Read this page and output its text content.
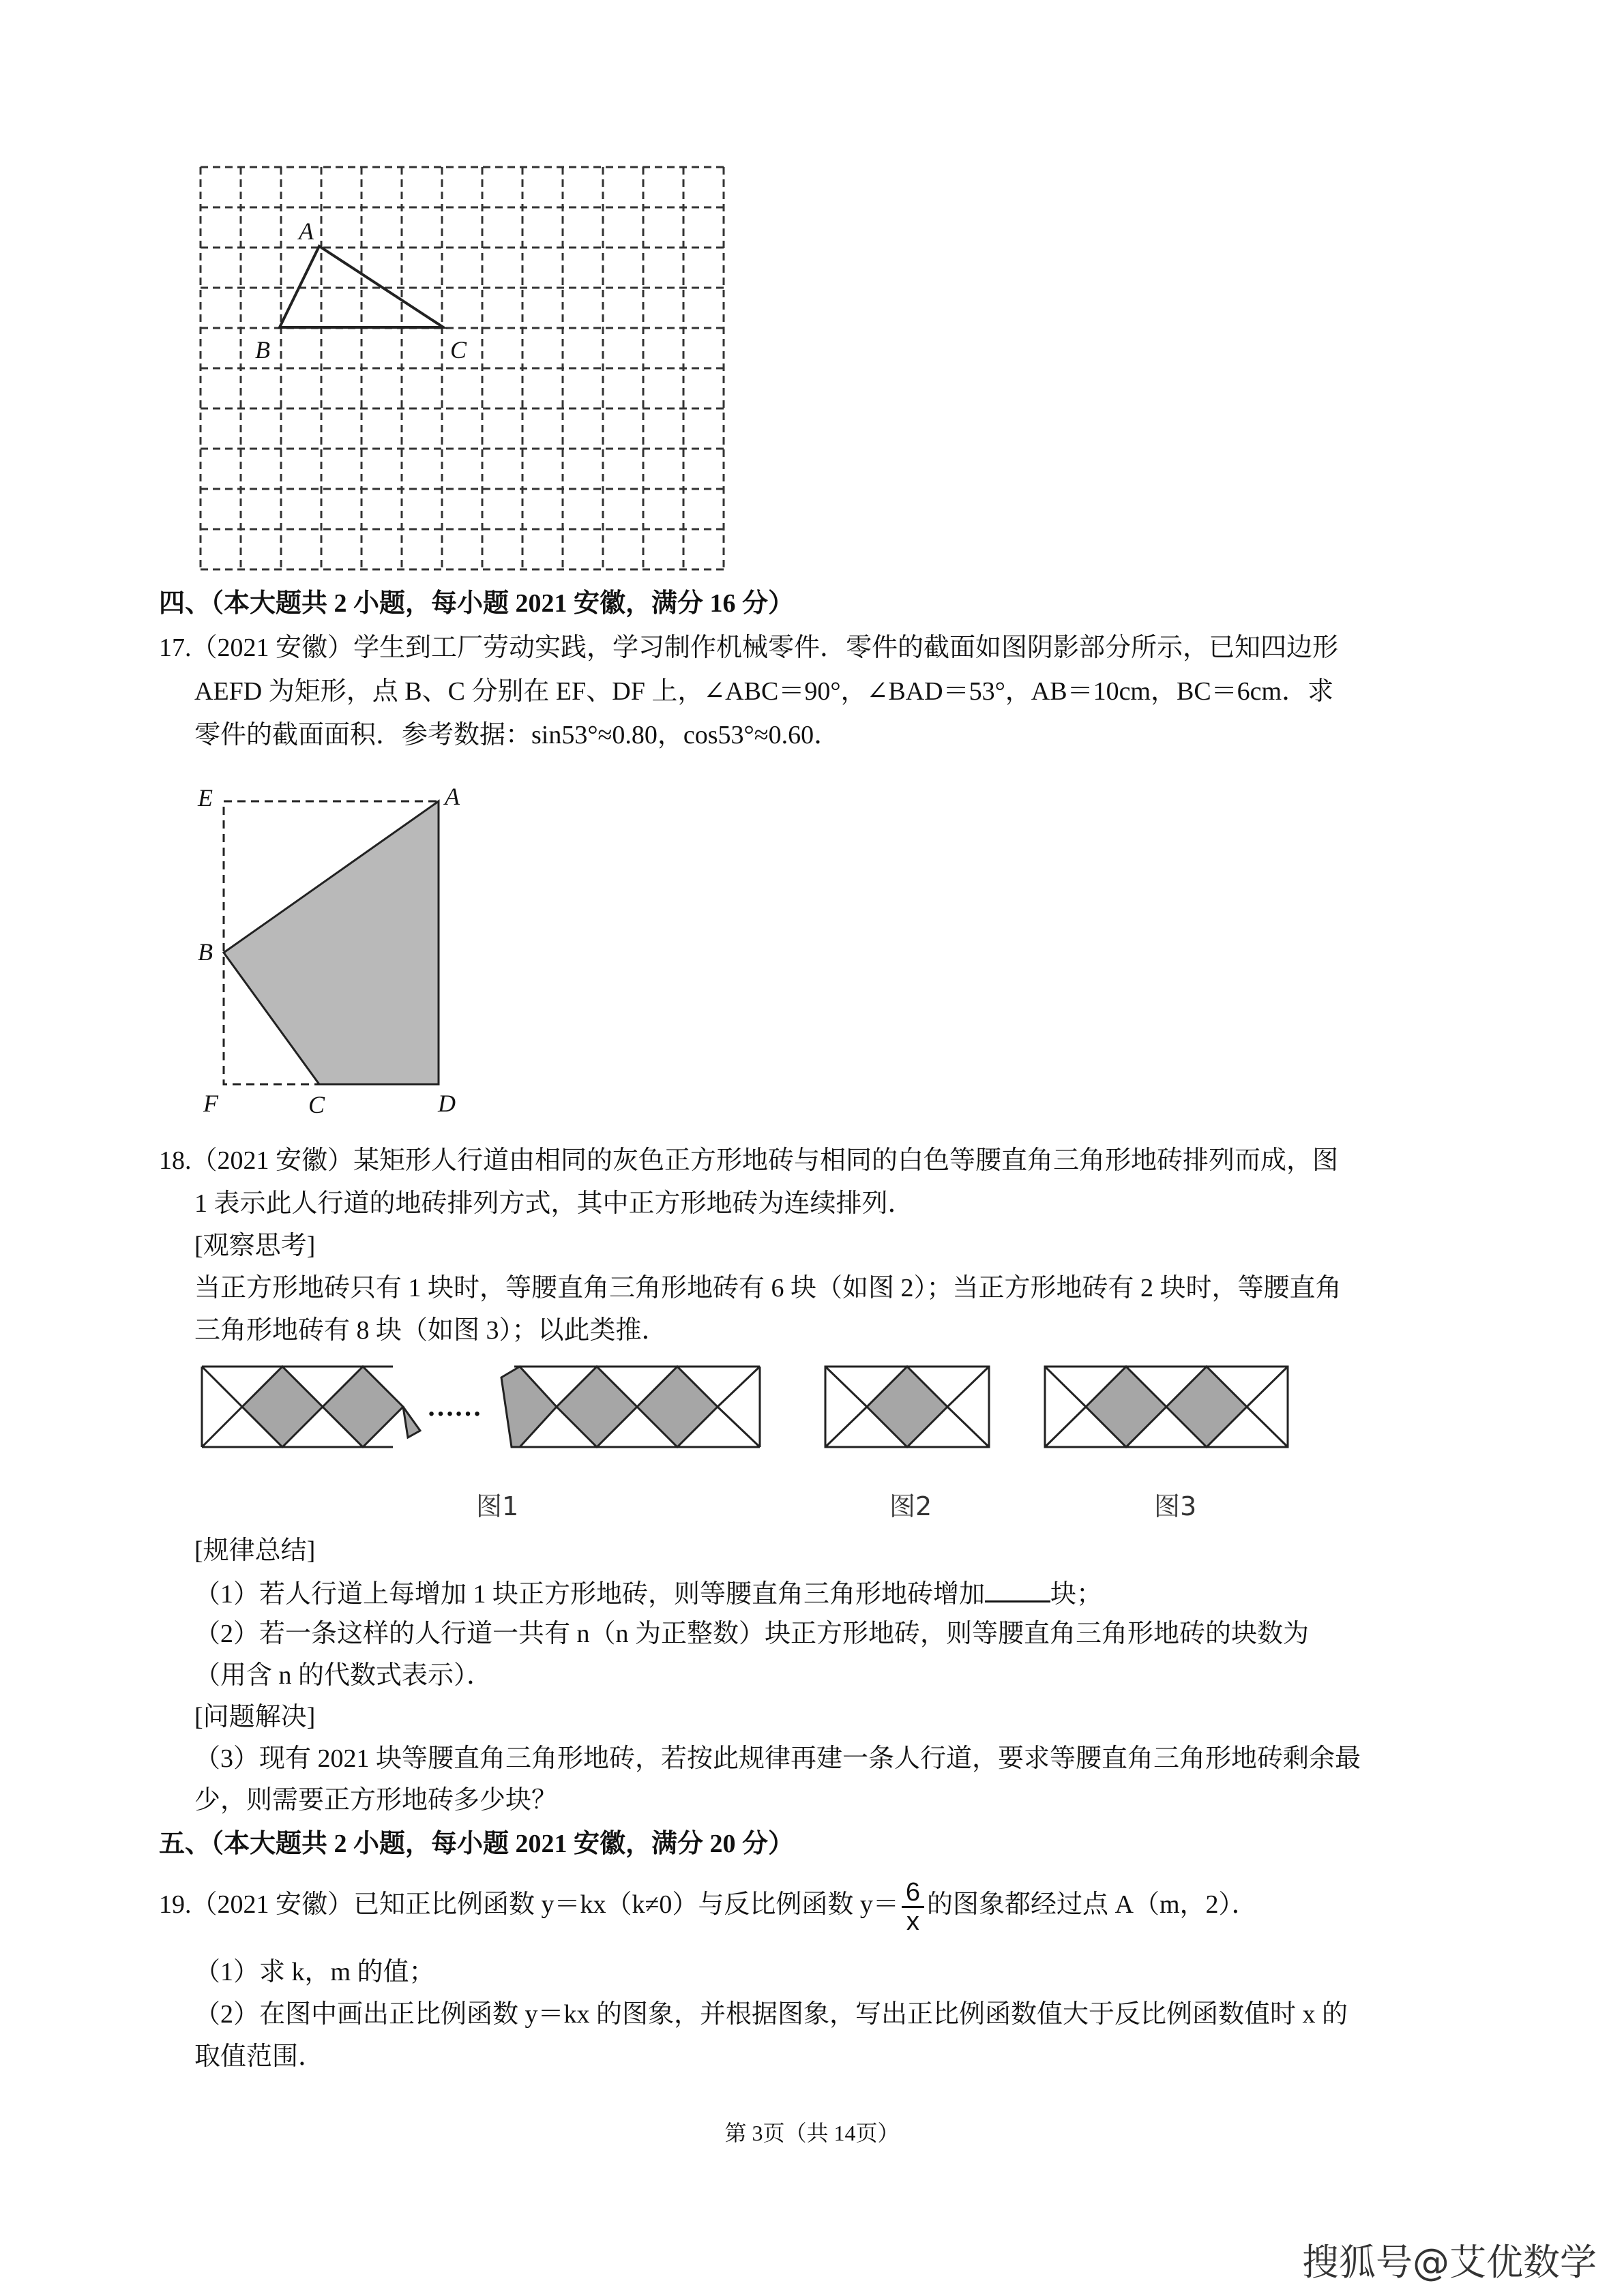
A
B	C
四、（本大题共 2 小题，每小题 2021 安徽，满分 16 分）
17.（2021 安徽）学生到工厂劳动实践，学习制作机械零件．零件的截面如图阴影部分所示，已知四边形
AEFD 为矩形，点 B、C 分别在 EF、DF 上，∠ABC＝90°，∠BAD＝53°，AB＝10cm，BC＝6cm．求
零件的截面面积．参考数据：sin53°≈0.80，cos53°≈0.60．
E	A
B
F	C	D
18.（2021 安徽）某矩形人行道由相同的灰色正方形地砖与相同的白色等腰直角三角形地砖排列而成，图
1 表示此人行道的地砖排列方式，其中正方形地砖为连续排列．
[观察思考]
当正方形地砖只有 1 块时，等腰直角三角形地砖有 6 块（如图 2）；当正方形地砖有 2 块时，等腰直角
三角形地砖有 8 块（如图 3）；以此类推．
……
图1	图2	图3
[规律总结]
（1）若人行道上每增加 1 块正方形地砖，则等腰直角三角形地砖增加	块；
（2）若一条这样的人行道一共有 n（n 为正整数）块正方形地砖，则等腰直角三角形地砖的块数为
（用含 n 的代数式表示）．
[问题解决]
（3）现有 2021 块等腰直角三角形地砖，若按此规律再建一条人行道，要求等腰直角三角形地砖剩余最
少，则需要正方形地砖多少块？
五、（本大题共 2 小题，每小题 2021 安徽，满分 20 分）
19.（2021 安徽）已知正比例函数 y＝kx（k≠0）与反比例函数 $y= \frac{6}{x}$ 的图象都经过点 A（m，2）．
（1）求 k，m 的值；
（2）在图中画出正比例函数 y＝kx 的图象，并根据图象，写出正比例函数值大于反比例函数值时 x 的
取值范围．
第 3页（共 14页）
搜狐号@艾优数学
